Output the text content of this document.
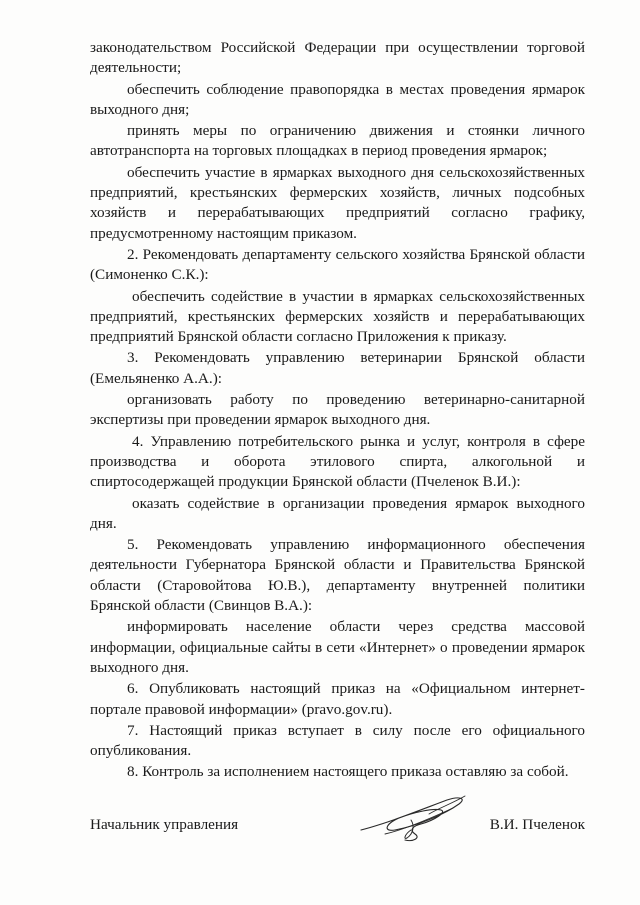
законодательством Российской Федерации при осуществлении торговой деятельности;

обеспечить соблюдение правопорядка в местах проведения ярмарок выходного дня;

принять меры по ограничению движения и стоянки личного автотранспорта на торговых площадках в период проведения ярмарок;

обеспечить участие в ярмарках выходного дня сельскохозяйственных предприятий, крестьянских фермерских хозяйств, личных подсобных хозяйств и перерабатывающих предприятий согласно графику, предусмотренному настоящим приказом.

2. Рекомендовать департаменту сельского хозяйства Брянской области (Симоненко С.К.):

обеспечить содействие в участии в ярмарках сельскохозяйственных предприятий, крестьянских фермерских хозяйств и перерабатывающих предприятий Брянской области согласно Приложения к приказу.

3. Рекомендовать управлению ветеринарии Брянской области (Емельяненко А.А.):

организовать работу по проведению ветеринарно-санитарной экспертизы при проведении ярмарок выходного дня.

4. Управлению потребительского рынка и услуг, контроля в сфере производства и оборота этилового спирта, алкогольной и спиртосодержащей продукции Брянской области (Пчеленок В.И.):

оказать содействие в организации проведения ярмарок выходного дня.

5. Рекомендовать управлению информационного обеспечения деятельности Губернатора Брянской области и Правительства Брянской области (Старовойтова Ю.В.), департаменту внутренней политики Брянской области (Свинцов В.А.):

информировать население области через средства массовой информации, официальные сайты в сети «Интернет» о проведении ярмарок выходного дня.

6. Опубликовать настоящий приказ на «Официальном интернет-портале правовой информации» (pravo.gov.ru).

7. Настоящий приказ вступает в силу после его официального опубликования.

8. Контроль за исполнением настоящего приказа оставляю за собой.

Начальник управления	В.И. Пчеленок
